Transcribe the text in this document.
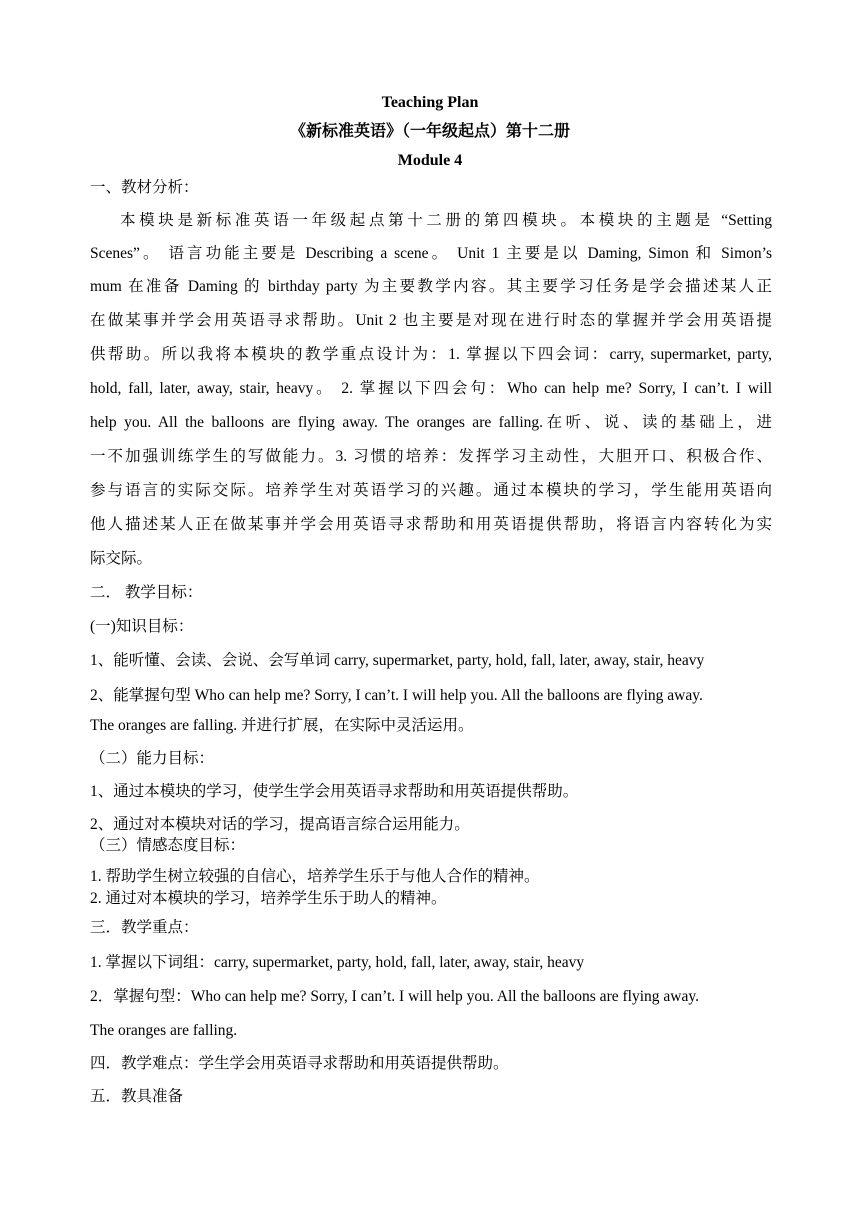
Teaching Plan
《新标准英语》（一年级起点）第十二册
Module 4
一、教材分析：
本模块是新标准英语一年级起点第十二册的第四模块。本模块的主题是 “Setting
Scenes”。 语言功能主要是 Describing a scene。 Unit 1 主要是以 Daming, Simon 和 Simon’s
mum 在准备 Daming 的 birthday party 为主要教学内容。其主要学习任务是学会描述某人正
在做某事并学会用英语寻求帮助。Unit 2 也主要是对现在进行时态的掌握并学会用英语提
供帮助。所以我将本模块的教学重点设计为：1. 掌握以下四会词：carry, supermarket, party,
hold, fall, later, away, stair, heavy。 2. 掌握以下四会句：Who can help me? Sorry, I can’t. I will
help you. All the balloons are flying away. The oranges are falling.在听、说、读的基础上，进
一不加强训练学生的写做能力。3. 习惯的培养：发挥学习主动性，大胆开口、积极合作、
参与语言的实际交际。培养学生对英语学习的兴趣。通过本模块的学习，学生能用英语向
他人描述某人正在做某事并学会用英语寻求帮助和用英语提供帮助，将语言内容转化为实
际交际。
二． 教学目标：
(一)知识目标：
1、能听懂、会读、会说、会写单词 carry, supermarket, party, hold, fall, later, away, stair, heavy
2、能掌握句型 Who can help me? Sorry, I can’t. I will help you. All the balloons are flying away.
The oranges are falling. 并进行扩展，在实际中灵活运用。
（二）能力目标：
1、通过本模块的学习，使学生学会用英语寻求帮助和用英语提供帮助。
2、通过对本模块对话的学习，提高语言综合运用能力。
（三）情感态度目标：
1. 帮助学生树立较强的自信心，培养学生乐于与他人合作的精神。
2. 通过对本模块的学习，培养学生乐于助人的精神。
三．教学重点：
1. 掌握以下词组：carry, supermarket, party, hold, fall, later, away, stair, heavy
2．掌握句型：Who can help me? Sorry, I can’t. I will help you. All the balloons are flying away.
The oranges are falling.
四．教学难点：学生学会用英语寻求帮助和用英语提供帮助。
五．教具准备
